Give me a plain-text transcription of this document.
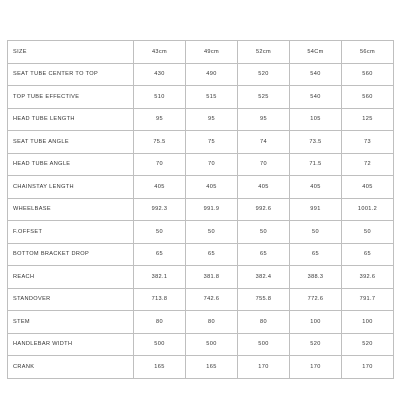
SIZE	43cm	49cm	52cm	54Cm	56cm
SEAT TUBE CENTER TO TOP	430	490	520	540	560
TOP TUBE EFFECTIVE	510	515	525	540	560
HEAD TUBE LENGTH	95	95	95	105	125
SEAT TUBE ANGLE	75.5	75	74	73.5	73
HEAD TUBE ANGLE	70	70	70	71.5	72
CHAINSTAY LENGTH	405	405	405	405	405
WHEELBASE	992.3	991.9	992.6	991	1001.2
F.OFFSET	50	50	50	50	50
BOTTOM BRACKET DROP	65	65	65	65	65
REACH	382.1	381.8	382.4	388.3	392.6
STANDOVER	713.8	742.6	755.8	772.6	791.7
STEM	80	80	80	100	100
HANDLEBAR WIDTH	500	500	500	520	520
CRANK	165	165	170	170	170
